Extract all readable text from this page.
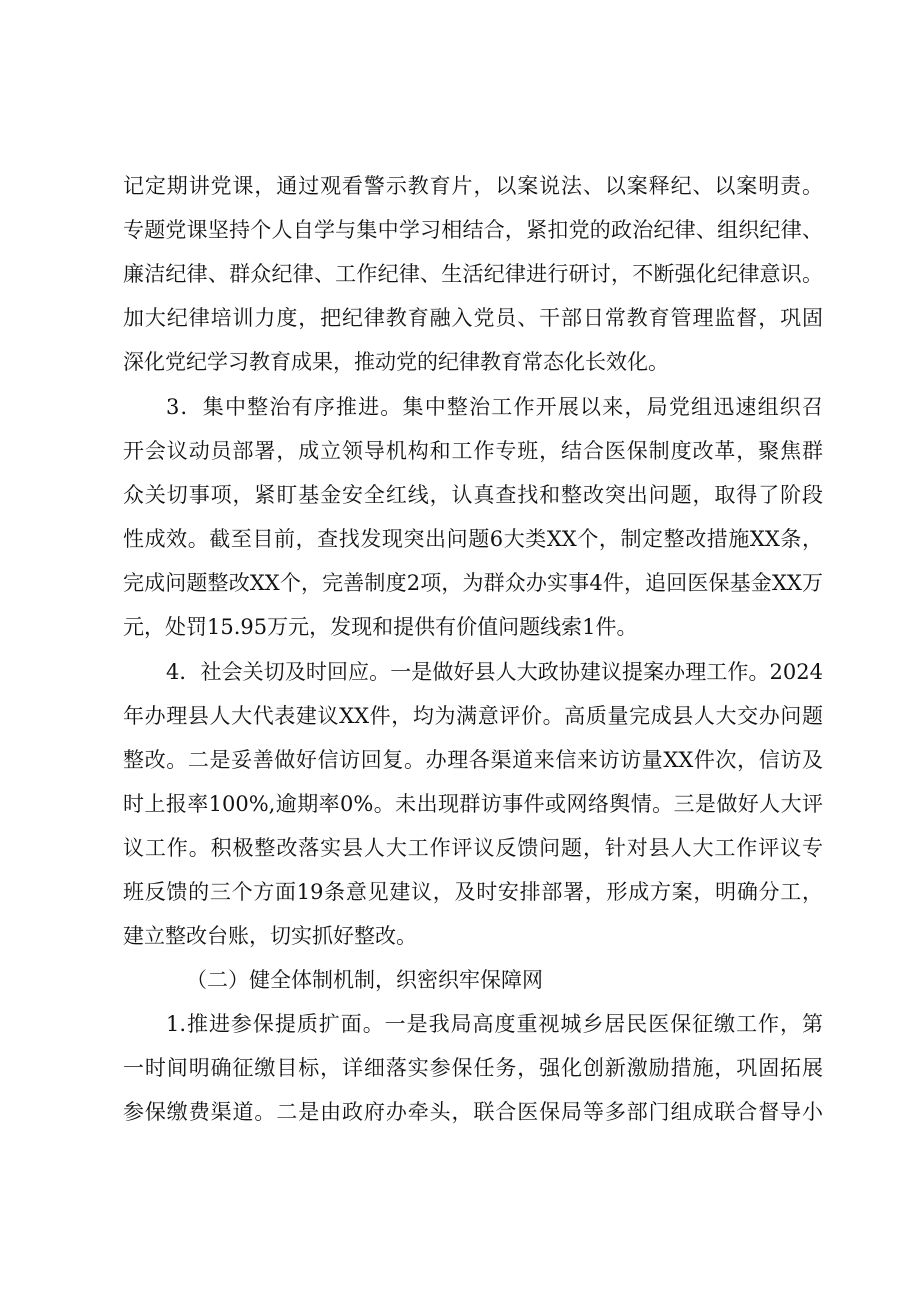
记定期讲党课，通过观看警示教育片，以案说法、以案释纪、以案明责。
专题党课坚持个人自学与集中学习相结合，紧扣党的政治纪律、组织纪律、
廉洁纪律、群众纪律、工作纪律、生活纪律进行研讨，不断强化纪律意识。
加大纪律培训力度，把纪律教育融入党员、干部日常教育管理监督，巩固
深化党纪学习教育成果，推动党的纪律教育常态化长效化。
3．集中整治有序推进。集中整治工作开展以来，局党组迅速组织召
开会议动员部署，成立领导机构和工作专班，结合医保制度改革，聚焦群
众关切事项，紧盯基金安全红线，认真查找和整改突出问题，取得了阶段
性成效。截至目前，查找发现突出问题6大类XX个，制定整改措施XX条，
完成问题整改XX个，完善制度2项，为群众办实事4件，追回医保基金XX万
元，处罚15.95万元，发现和提供有价值问题线索1件。
4．社会关切及时回应。一是做好县人大政协建议提案办理工作。2024
年办理县人大代表建议XX件，均为满意评价。高质量完成县人大交办问题
整改。二是妥善做好信访回复。办理各渠道来信来访访量XX件次，信访及
时上报率100%,逾期率0%。未出现群访事件或网络舆情。三是做好人大评
议工作。积极整改落实县人大工作评议反馈问题，针对县人大工作评议专
班反馈的三个方面19条意见建议，及时安排部署，形成方案，明确分工，
建立整改台账，切实抓好整改。
（二）健全体制机制，织密织牢保障网
1.推进参保提质扩面。一是我局高度重视城乡居民医保征缴工作，第
一时间明确征缴目标，详细落实参保任务，强化创新激励措施，巩固拓展
参保缴费渠道。二是由政府办牵头，联合医保局等多部门组成联合督导小
